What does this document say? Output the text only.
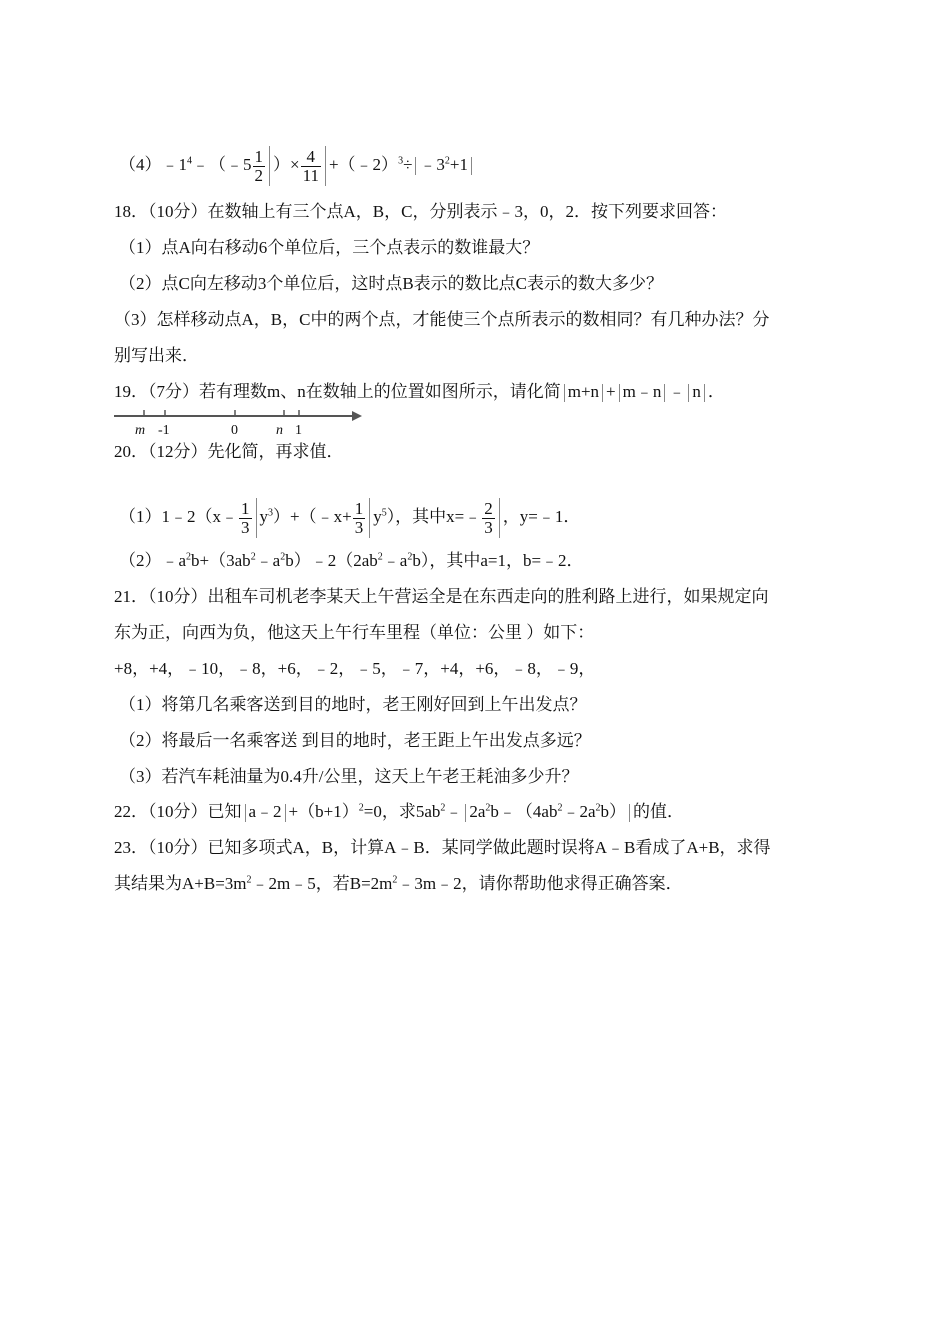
$(4)﹣1^4﹣(﹣5 \frac{1}{2}$ ）× $\frac{4}{11}$ +（﹣2）$^3$÷ $﹣3^2+1$
18．（10分）在数轴上有三个点A，B，C，分别表示﹣3，0，2．按下列要求回答：
（1）点A向右移动6个单位后，三个点表示的数谁最大？
（2）点C向左移动3个单位后，这时点B表示的数比点C表示的数大多少？
（3）怎样移动点A，B，C中的两个点，才能使三个点所表示的数相同？有几种办法？分
别写出来．
19．（7分）若有理数m、n在数轴上的位置如图所示，请化简 m+n + m﹣n ﹣ n ．
m -1	0	n 1
20．（12分）先化简，再求值．
（1）1﹣2（x﹣ $\frac{1}{3}$ $y^3)+(﹣x+ \frac{1}{3} y^5)$，其中x=﹣ $\frac{2}{3}$ ，y=﹣1．
$(2)﹣a^2b+(3ab^2﹣a^2b)﹣2(2ab^2﹣a^2b)$，其中a=1，b=﹣2．
21．（10分）出租车司机老李某天上午营运全是在东西走向的胜利路上进行，如果规定向
东为正，向西为负，他这天上午行车里程（单位：公里 ）如下：
+8，+4，﹣10，﹣8，+6，﹣2，﹣5，﹣7，+4，+6，﹣8，﹣9，
（1）将第几名乘客送到目的地时，老王刚好回到上午出发点？
（2）将最后一名乘客送 到目的地时，老王距上午出发点多远？
（3）若汽车耗油量为0.4升/公里，这天上午老王耗油多少升？
22．（10分）已知 a﹣2 $+(b+1)^2=0$，求$5ab^2﹣$ $2a^2b﹣(4ab^2﹣2a^2b)$ 的值．
23．（10分）已知多项式A，B，计算A﹣B．某同学做此题时误将A﹣B看成了A+B，求得
其结果为$A+B=3m^2﹣2m﹣5$，若$B=2m^2﹣3m﹣2$，请你帮助他求得正确答案．
